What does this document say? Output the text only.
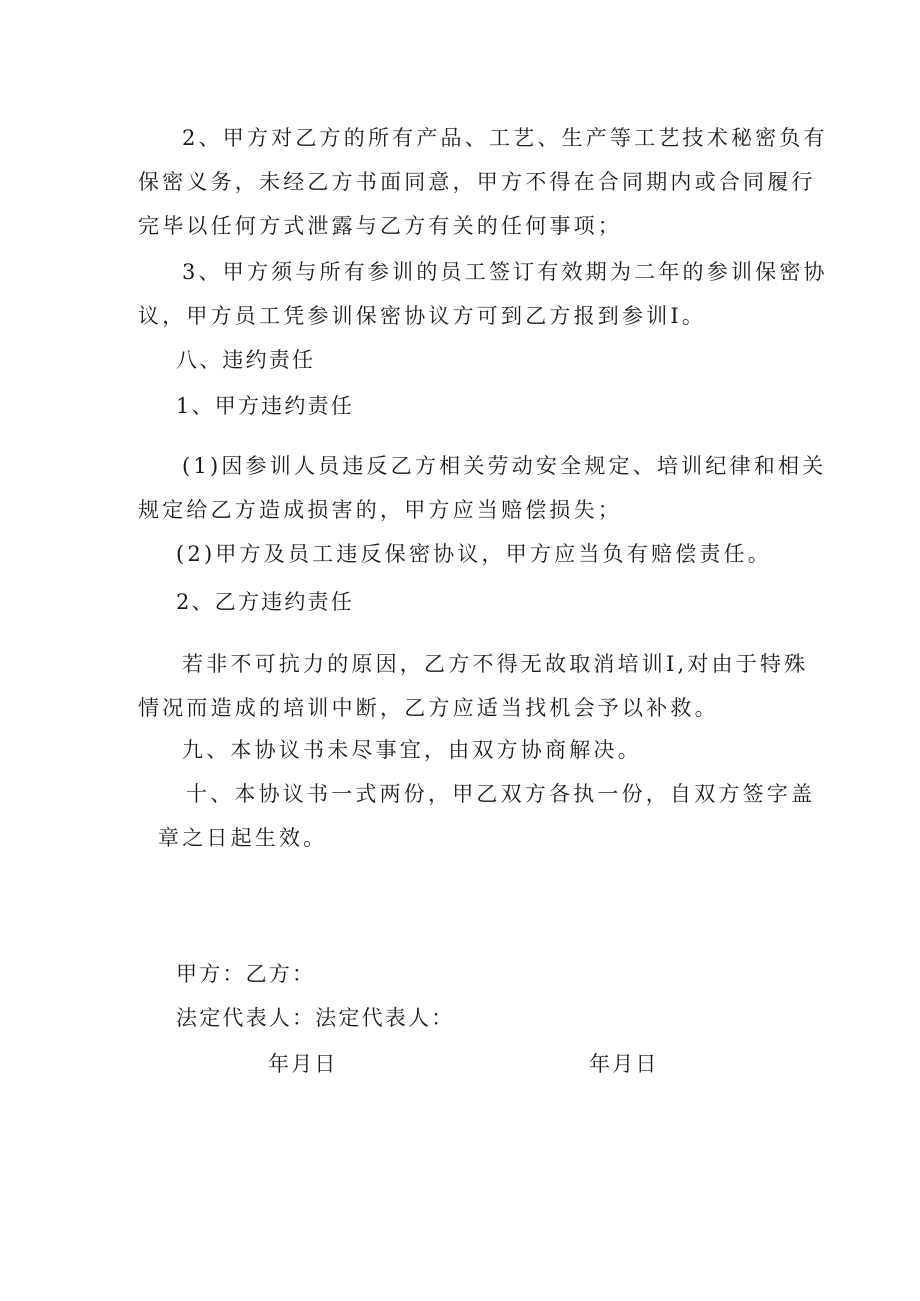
2、甲方对乙方的所有产品、工艺、生产等工艺技术秘密负有
保密义务，未经乙方书面同意，甲方不得在合同期内或合同履行
完毕以任何方式泄露与乙方有关的任何事项；
3、甲方须与所有参训的员工签订有效期为二年的参训保密协
议，甲方员工凭参训保密协议方可到乙方报到参训I。
八、违约责任
1、甲方违约责任
(1)因参训人员违反乙方相关劳动安全规定、培训纪律和相关
规定给乙方造成损害的，甲方应当赔偿损失；
(2)甲方及员工违反保密协议，甲方应当负有赔偿责任。
2、乙方违约责任
若非不可抗力的原因，乙方不得无故取消培训I,对由于特殊
情况而造成的培训中断，乙方应适当找机会予以补救。
九、本协议书未尽事宜，由双方协商解决。
十、本协议书一式两份，甲乙双方各执一份，自双方签字盖
章之日起生效。
甲方：乙方：
法定代表人：法定代表人：
年月日	年月日
